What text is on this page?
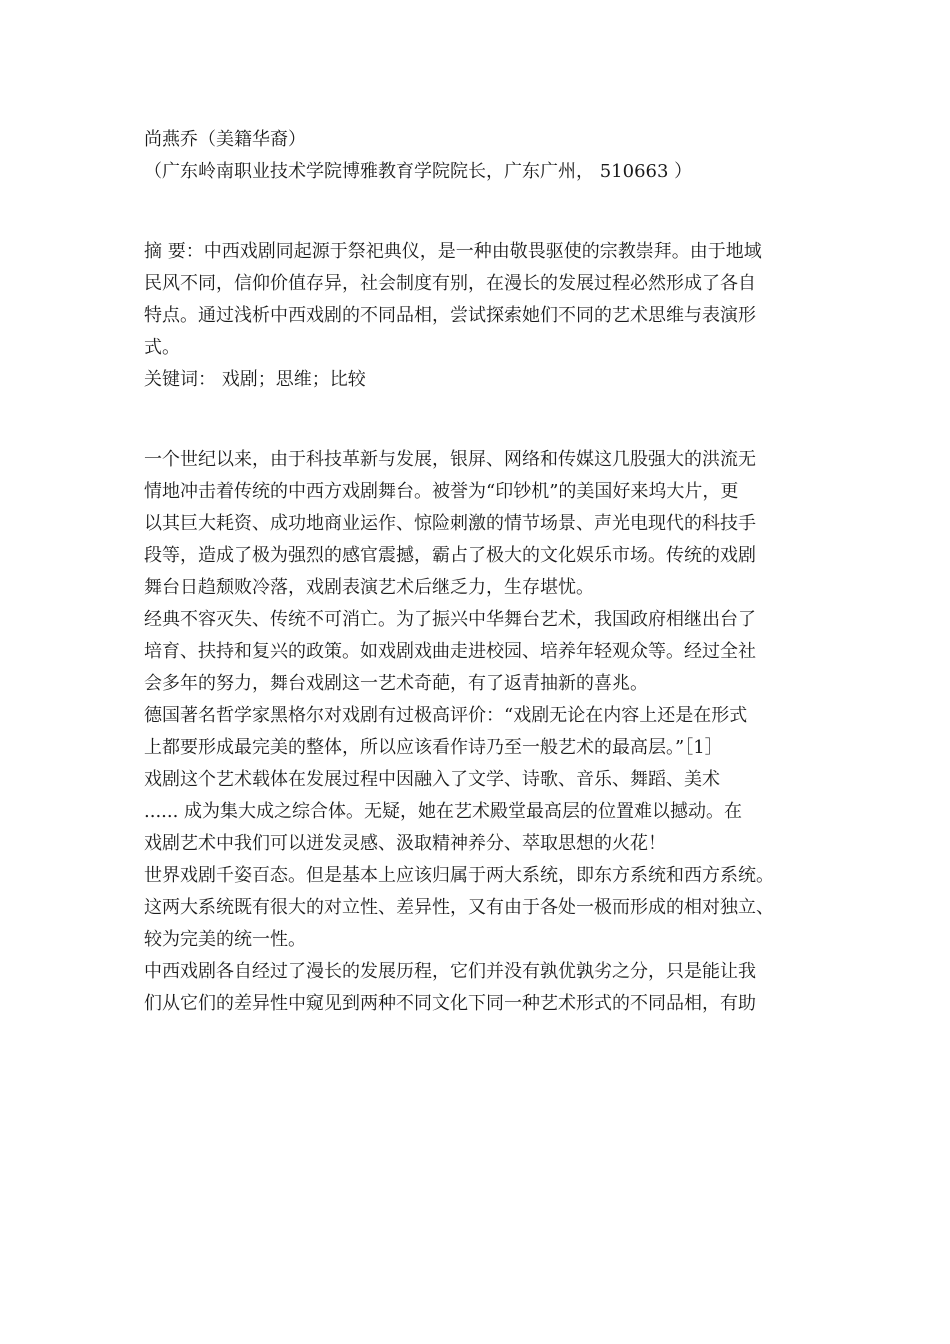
尚燕乔（美籍华裔）
（广东岭南职业技术学院博雅教育学院院长，广东广州， 510663 ）
摘 要：中西戏剧同起源于祭祀典仪，是一种由敬畏驱使的宗教崇拜。由于地域
民风不同，信仰价值存异，社会制度有别，在漫长的发展过程必然形成了各自
特点。通过浅析中西戏剧的不同品相，尝试探索她们不同的艺术思维与表演形
式。
关键词： 戏剧；思维；比较
一个世纪以来，由于科技革新与发展，银屏、网络和传媒这几股强大的洪流无
情地冲击着传统的中西方戏剧舞台。被誉为“印钞机”的美国好来坞大片，更
以其巨大耗资、成功地商业运作、惊险刺激的情节场景、声光电现代的科技手
段等，造成了极为强烈的感官震撼，霸占了极大的文化娱乐市场。传统的戏剧
舞台日趋颓败冷落，戏剧表演艺术后继乏力，生存堪忧。
经典不容灭失、传统不可消亡。为了振兴中华舞台艺术，我国政府相继出台了
培育、扶持和复兴的政策。如戏剧戏曲走进校园、培养年轻观众等。经过全社
会多年的努力，舞台戏剧这一艺术奇葩，有了返青抽新的喜兆。
德国著名哲学家黑格尔对戏剧有过极高评价：“戏剧无论在内容上还是在形式
上都要形成最完美的整体，所以应该看作诗乃至一般艺术的最高层。”［1］
戏剧这个艺术载体在发展过程中因融入了文学、诗歌、音乐、舞蹈、美术
...... 成为集大成之综合体。无疑，她在艺术殿堂最高层的位置难以撼动。在
戏剧艺术中我们可以迸发灵感、汲取精神养分、萃取思想的火花！
世界戏剧千姿百态。但是基本上应该归属于两大系统，即东方系统和西方系统。
这两大系统既有很大的对立性、差异性，又有由于各处一极而形成的相对独立、
较为完美的统一性。
中西戏剧各自经过了漫长的发展历程，它们并没有孰优孰劣之分，只是能让我
们从它们的差异性中窥见到两种不同文化下同一种艺术形式的不同品相，有助
